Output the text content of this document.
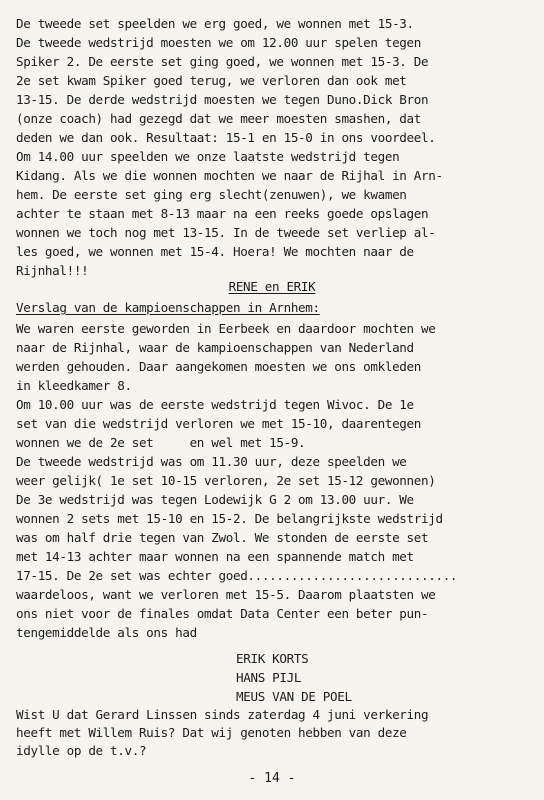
De tweede set speelden we erg goed, we wonnen met 15-3.
De tweede wedstrijd moesten we om 12.00 uur spelen tegen
Spiker 2. De eerste set ging goed, we wonnen met 15-3. De
2e set kwam Spiker goed terug, we verloren dan ook met
13-15. De derde wedstrijd moesten we tegen Duno.Dick Bron
(onze coach) had gezegd dat we meer moesten smashen, dat
deden we dan ook. Resultaat: 15-1 en 15-0 in ons voordeel.
Om 14.00 uur speelden we onze laatste wedstrijd tegen
Kidang. Als we die wonnen mochten we naar de Rijhal in Arn-
hem. De eerste set ging erg slecht(zenuwen), we kwamen
achter te staan met 8-13 maar na een reeks goede opslagen
wonnen we toch nog met 13-15. In de tweede set verliep al-
les goed, we wonnen met 15-4. Hoera! We mochten naar de
Rijnhal!!!
RENE en ERIK
Verslag van de kampioenschappen in Arnhem:
We waren eerste geworden in Eerbeek en daardoor mochten we
naar de Rijnhal, waar de kampioenschappen van Nederland
werden gehouden. Daar aangekomen moesten we ons omkleden
in kleedkamer 8.
Om 10.00 uur was de eerste wedstrijd tegen Wivoc. De 1e
set van die wedstrijd verloren we met 15-10, daarentegen
wonnen we de 2e set     en wel met 15-9.
De tweede wedstrijd was om 11.30 uur, deze speelden we
weer gelijk( 1e set 10-15 verloren, 2e set 15-12 gewonnen)
De 3e wedstrijd was tegen Lodewijk G 2 om 13.00 uur. We
wonnen 2 sets met 15-10 en 15-2. De belangrijkste wedstrijd
was om half drie tegen van Zwol. We stonden de eerste set
met 14-13 achter maar wonnen na een spannende match met
17-15. De 2e set was echter goed.............................
waardeloos, want we verloren met 15-5. Daarom plaatsten we
ons niet voor de finales omdat Data Center een beter pun-
tengemiddelde als ons had
ERIK KORTS
HANS PIJL
MEUS VAN DE POEL
Wist U dat Gerard Linssen sinds zaterdag 4 juni verkering
heeft met Willem Ruis? Dat wij genoten hebben van deze
- 14 -
idylle op de t.v.?
